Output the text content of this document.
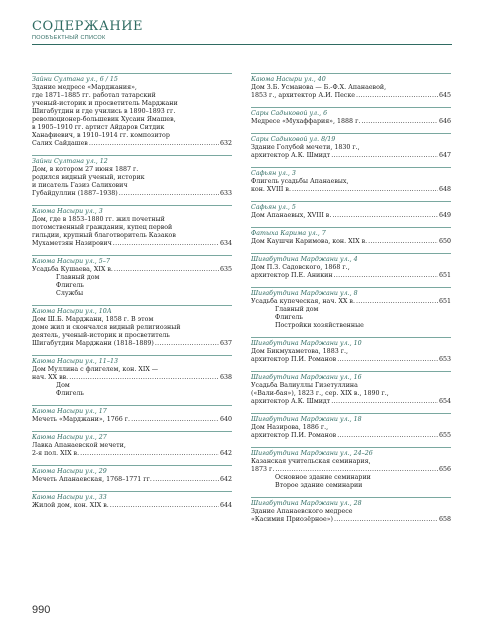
СОДЕРЖАНИЕ
ПООБЪЕКТНЫЙ СПИСОК
Зайни Султана ул., 6 / 15
Здание медресе «Марджания»,
где 1871–1885 гг. работал татарский
ученый-историк и просветитель Марджани
Шигабутдин и где учились в 1890–1893 гг.
революционер-большевик Хусаин Ямашев,
в 1905–1910 гг. артист Айдаров Ситдик
Ханафиевич, в 1910–1914 гг. композитор
Салих Сайдашев .....	632
Зайни Султана ул., 12
Дом, в котором 27 июня 1887 г.
родился видный ученый, историк
и писатель Газиз Салихович
Губайдуллин (1887–1938) .....	633
Каюма Насыри ул., 3
Дом, где в 1853–1880 гг. жил почетный
потомственный гражданин, купец первой
гильдии, крупный благотворитель Казаков
Мухаметзян Назирович .....	634
Каюма Насыри ул., 5–7
Усадьба Кушаева, XIX в. .....	635
Главный дом
Флигель
Службы
Каюма Насыри ул., 10А
Дом Ш.Б. Марджани, 1858 г. В этом
доме жил и скончался видный религиозный
деятель, ученый-историк и просветитель
Шигабутдин Марджани (1818–1889) .....	637
Каюма Насыри ул., 11–13
Дом Муллина с флигелем, кон. XIX —
нач. XX вв. .....	638
Дом
Флигель
Каюма Насыри ул., 17
Мечеть «Марджани», 1766 г. .....	640
Каюма Насыри ул., 27
Лавка Апанаевской мечети,
2-я пол. XIX в. .....	642
Каюма Насыри ул., 29
Мечеть Апанаевская, 1768–1771 гг. .....	642
Каюма Насыри ул., 33
Жилой дом, кон. XIX в. .....	644
Каюма Насыри ул., 40
Дом З.Б. Усманова — Б.-Ф.Х. Апанаевой,
1853 г., архитектор А.И. Песке .....	645
Сары Садыковой ул., 6
Медресе «Мухаффария», 1888 г. .....	646
Сары Садыковой ул. 8/19
Здание Голубой мечети, 1830 г.,
архитектор А.К. Шмидт .....	647
Сафьян ул., 3
Флигель усадьбы Апанаевых,
кон. XVIII в. .....	648
Сафьян ул., 5
Дом Апанаевых, XVIII в. .....	649
Фатыха Карима ул., 7
Дом Каушчи Каримова, кон. XIX в. .....	650
Шигабутдина Марджани ул., 4
Дом П.З. Садовского, 1868 г.,
архитектор П.Е. Аникин .....	651
Шигабутдина Марджани ул., 8
Усадьба купеческая, нач. XX в. .....	651
Главный дом
Флигель
Постройки хозяйственные
Шигабутдина Марджани ул., 10
Дом Бикмухаметова, 1883 г.,
архитектор П.И. Романов .....	653
Шигабутдина Марджани ул., 16
Усадьба Валиуллы Гизетуллина
(«Вали-бая»), 1823 г., сер. XIX в., 1890 г.,
архитектор А.К. Шмидт .....	654
Шигабутдина Марджани ул., 18
Дом Назирова, 1886 г.,
архитектор П.И. Романов .....	655
Шигабутдина Марджани ул., 24–26
Казанская учительская семинария,
1873 г. .....	656
Основное здание семинарии
Второе здание семинарии
Шигабутдина Марджани ул., 28
Здание Апанаевского медресе
«Касимия Приозёрное») .....	658
990
